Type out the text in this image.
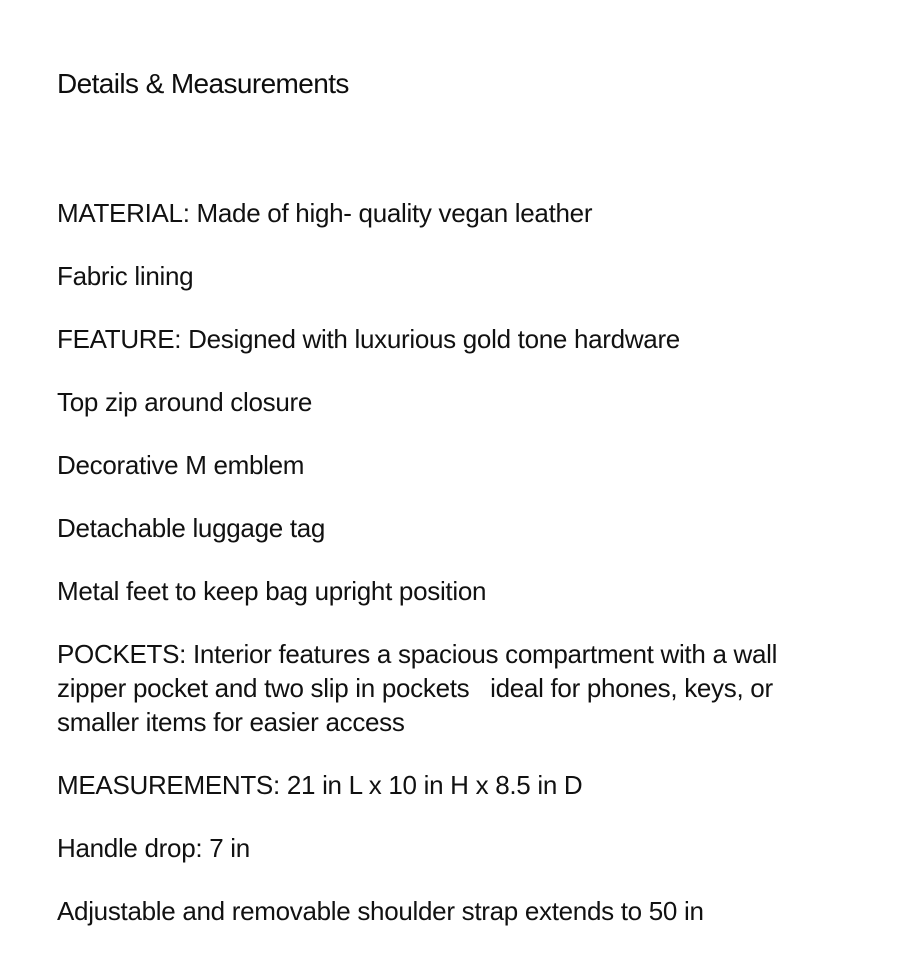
Details & Measurements
MATERIAL: Made of high- quality vegan leather
Fabric lining
FEATURE: Designed with luxurious gold tone hardware
Top zip around closure
Decorative M emblem
Detachable luggage tag
Metal feet to keep bag upright position
POCKETS: Interior features a spacious compartment with a wall
zipper pocket and two slip in pockets   ideal for phones, keys, or
smaller items for easier access
MEASUREMENTS: 21 in L x 10 in H x 8.5 in D
Handle drop: 7 in
Adjustable and removable shoulder strap extends to 50 in
